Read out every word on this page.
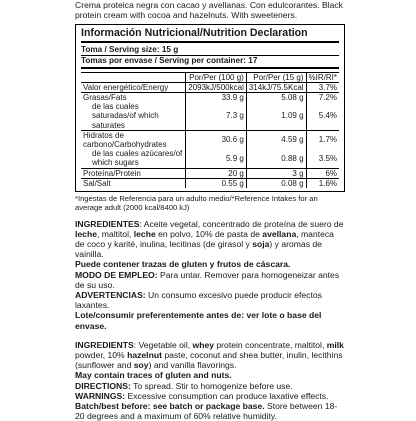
Crema proteica negra con cacao y avellanas. Con edulcorantes. Black protein cream with cocoa and hazelnuts. With sweeteners.

Información Nutricional/Nutrition Declaration
Toma / Serving size: 15 g
Tomas por envase / Serving per container: 17
	Por/Per (100 g)	Por/Per (15 g)	%IR/RI*
Valor energético/Energy	2093kJ/500kcal	314kJ/75.5Kcal	3.7%
Grasas/Fats	33.9 g	5.08 g	7.2%
de las cuales saturadas/of which saturates	7.3 g	1.09 g	5.4%
Hidratos de carbono/Carbohydrates	30.6 g	4.59 g	1.7%
de las cuales azúcares/of which sugars	5.9 g	0.88 g	3.5%
Proteína/Protein	20 g	3 g	6%
Sal/Salt	0.55 g	0.08 g	1.6%

*Ingestas de Referencia para un adulto medio/*Reference Intakes for an average adult (2000 kcal/8400 kJ)

INGREDIENTES: Aceite vegetal, concentrado de proteína de suero de leche, maltitol, leche en polvo, 10% de pasta de avellana, manteca de coco y karité, inulina, lecitinas (de girasol y soja) y aromas de vainilla.

Puede contener trazas de gluten y frutos de cáscara.

MODO DE EMPLEO: Para untar. Remover para homogeneizar antes de su uso.

ADVERTENCIAS: Un consumo excesivo puede producir efectos laxantes.

Lote/consumir preferentemente antes de: ver lote o base del envase.

INGREDIENTS: Vegetable oil, whey protein concentrate, maltitol, milk powder, 10% hazelnut paste, coconut and shea butter, inulin, lecithins (sunflower and soy) and vanilla flavorings.

May contain traces of gluten and nuts.

DIRECTIONS: To spread. Stir to homogenize before use.

WARNINGS: Excessive consumption can produce laxative effects.

Batch/best before: see batch or package base. Store between 18-20 degrees and a maximum of 60% relative humidity.
